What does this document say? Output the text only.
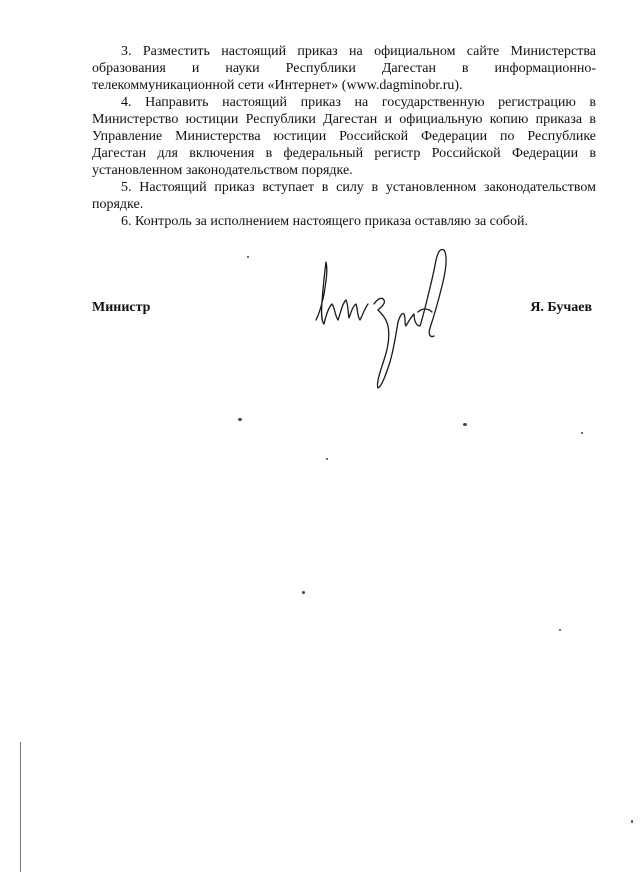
3. Разместить настоящий приказ на официальном сайте Министерства образования и науки Республики Дагестан в информационно-телекоммуникационной сети «Интернет» (www.dagminobr.ru).

4. Направить настоящий приказ на государственную регистрацию в Министерство юстиции Республики Дагестан и официальную копию приказа в Управление Министерства юстиции Российской Федерации по Республике Дагестан для включения в федеральный регистр Российской Федерации в установленном законодательством порядке.

5. Настоящий приказ вступает в силу в установленном законодательством порядке.

6. Контроль за исполнением настоящего приказа оставляю за собой.

Министр	Я. Бучаев
